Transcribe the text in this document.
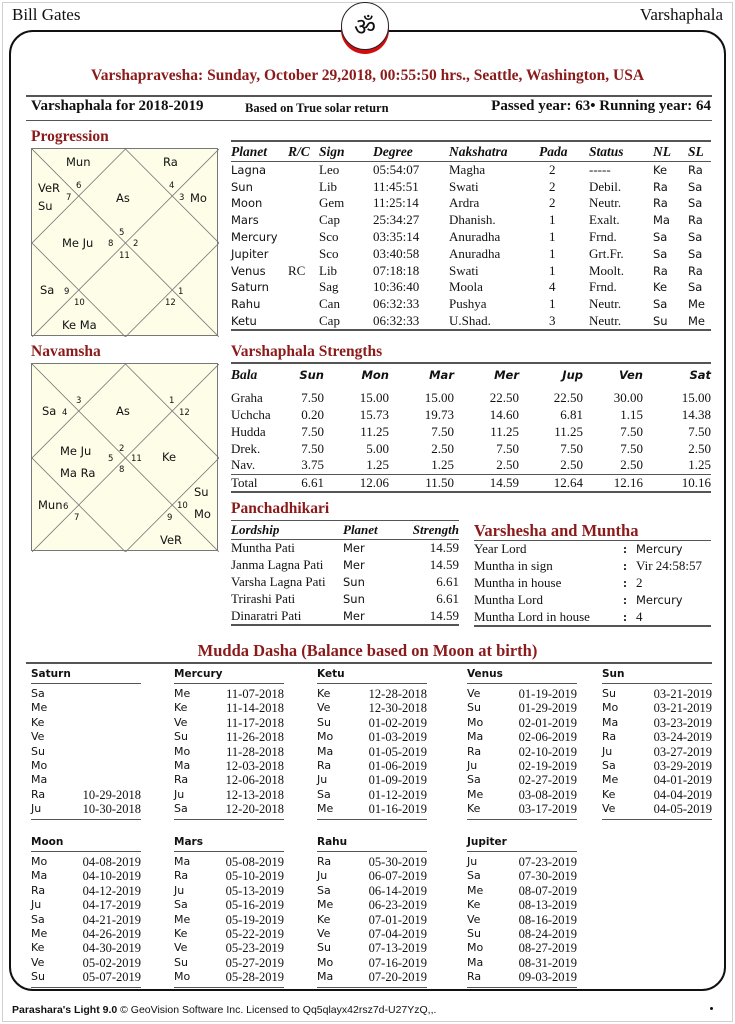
Bill Gates	Varshaphala
ॐ
Varshapravesha: Sunday, October 29,2018, 00:55:50 hrs., Seattle, Washington, USA
Varshaphala for 2018-2019	Based on True solar return	Passed year: 63• Running year: 64
Progression
Mun	Ra
VeR Su
As	Mo
Me Ju
Sa
Ke Ma
5
6
7
8
9
10
11
12
1
2
3
4
Navamsha
Sa	As
Me Ju Ma Ra
Ke
Mun
Su Mo
VeR
2
3
4
5
6
7
8
9
10
11
12
1
Planet	R/C	Sign	Degree	Nakshatra	Pada	Status	NL	SL
Lagna		Leo	05:54:07	Magha	2	-----	Ke	Ra
Sun		Lib	11:45:51	Swati	2	Debil.	Ra	Sa
Moon		Gem	11:25:14	Ardra	2	Neutr.	Ra	Sa
Mars		Cap	25:34:27	Dhanish.	1	Exalt.	Ma	Ra
Mercury		Sco	03:35:14	Anuradha	1	Frnd.	Sa	Sa
Jupiter		Sco	03:40:58	Anuradha	1	Grt.Fr.	Sa	Sa
Venus	RC	Lib	07:18:18	Swati	1	Moolt.	Ra	Ra
Saturn		Sag	10:36:40	Moola	4	Frnd.	Ke	Sa
Rahu		Can	06:32:33	Pushya	1	Neutr.	Sa	Me
Ketu		Cap	06:32:33	U.Shad.	3	Neutr.	Su	Me
Varshaphala Strengths
Bala	Sun	Mon	Mar	Mer	Jup	Ven	Sat
Graha	7.50	15.00	15.00	22.50	22.50	30.00	15.00
Uchcha	0.20	15.73	19.73	14.60	6.81	1.15	14.38
Hudda	7.50	11.25	7.50	11.25	11.25	7.50	7.50
Drek.	7.50	5.00	2.50	7.50	7.50	7.50	2.50
Nav.	3.75	1.25	1.25	2.50	2.50	2.50	1.25
Total	6.61	12.06	11.50	14.59	12.64	12.16	10.16
Panchadhikari
Lordship	Planet	Strength
Muntha Pati	Mer	14.59
Janma Lagna Pati	Mer	14.59
Varsha Lagna Pati	Sun	6.61
Trirashi Pati	Sun	6.61
Dinaratri Pati	Mer	14.59
Varshesha and Muntha
Year Lord	:	Mercury
Muntha in sign	:	Vir 24:58:57
Muntha in house	:	2
Muntha Lord	:	Mercury
Muntha Lord in house	:	4
Mudda Dasha (Balance based on Moon at birth)
Saturn
Sa
Me
Ke
Ve
Su
Mo
Ma
Ra	10-29-2018
Ju	10-30-2018
Mercury
Me	11-07-2018
Ke	11-14-2018
Ve	11-17-2018
Su	11-26-2018
Mo	11-28-2018
Ma	12-03-2018
Ra	12-06-2018
Ju	12-13-2018
Sa	12-20-2018
Ketu
Ke	12-28-2018
Ve	12-30-2018
Su	01-02-2019
Mo	01-03-2019
Ma	01-05-2019
Ra	01-06-2019
Ju	01-09-2019
Sa	01-12-2019
Me	01-16-2019
Venus
Ve	01-19-2019
Su	01-29-2019
Mo	02-01-2019
Ma	02-06-2019
Ra	02-10-2019
Ju	02-19-2019
Sa	02-27-2019
Me	03-08-2019
Ke	03-17-2019
Sun
Su	03-21-2019
Mo	03-21-2019
Ma	03-23-2019
Ra	03-24-2019
Ju	03-27-2019
Sa	03-29-2019
Me	04-01-2019
Ke	04-04-2019
Ve	04-05-2019
Moon
Mo	04-08-2019
Ma	04-10-2019
Ra	04-12-2019
Ju	04-17-2019
Sa	04-21-2019
Me	04-26-2019
Ke	04-30-2019
Ve	05-02-2019
Su	05-07-2019
Mars
Ma	05-08-2019
Ra	05-10-2019
Ju	05-13-2019
Sa	05-16-2019
Me	05-19-2019
Ke	05-22-2019
Ve	05-23-2019
Su	05-27-2019
Mo	05-28-2019
Rahu
Ra	05-30-2019
Ju	06-07-2019
Sa	06-14-2019
Me	06-23-2019
Ke	07-01-2019
Ve	07-04-2019
Su	07-13-2019
Mo	07-16-2019
Ma	07-20-2019
Jupiter
Ju	07-23-2019
Sa	07-30-2019
Me	08-07-2019
Ke	08-13-2019
Ve	08-16-2019
Su	08-24-2019
Mo	08-27-2019
Ma	08-31-2019
Ra	09-03-2019
Parashara's Light 9.0 © GeoVision Software Inc. Licensed to Qq5qlayx42rsz7d-U27YzQ,,.
